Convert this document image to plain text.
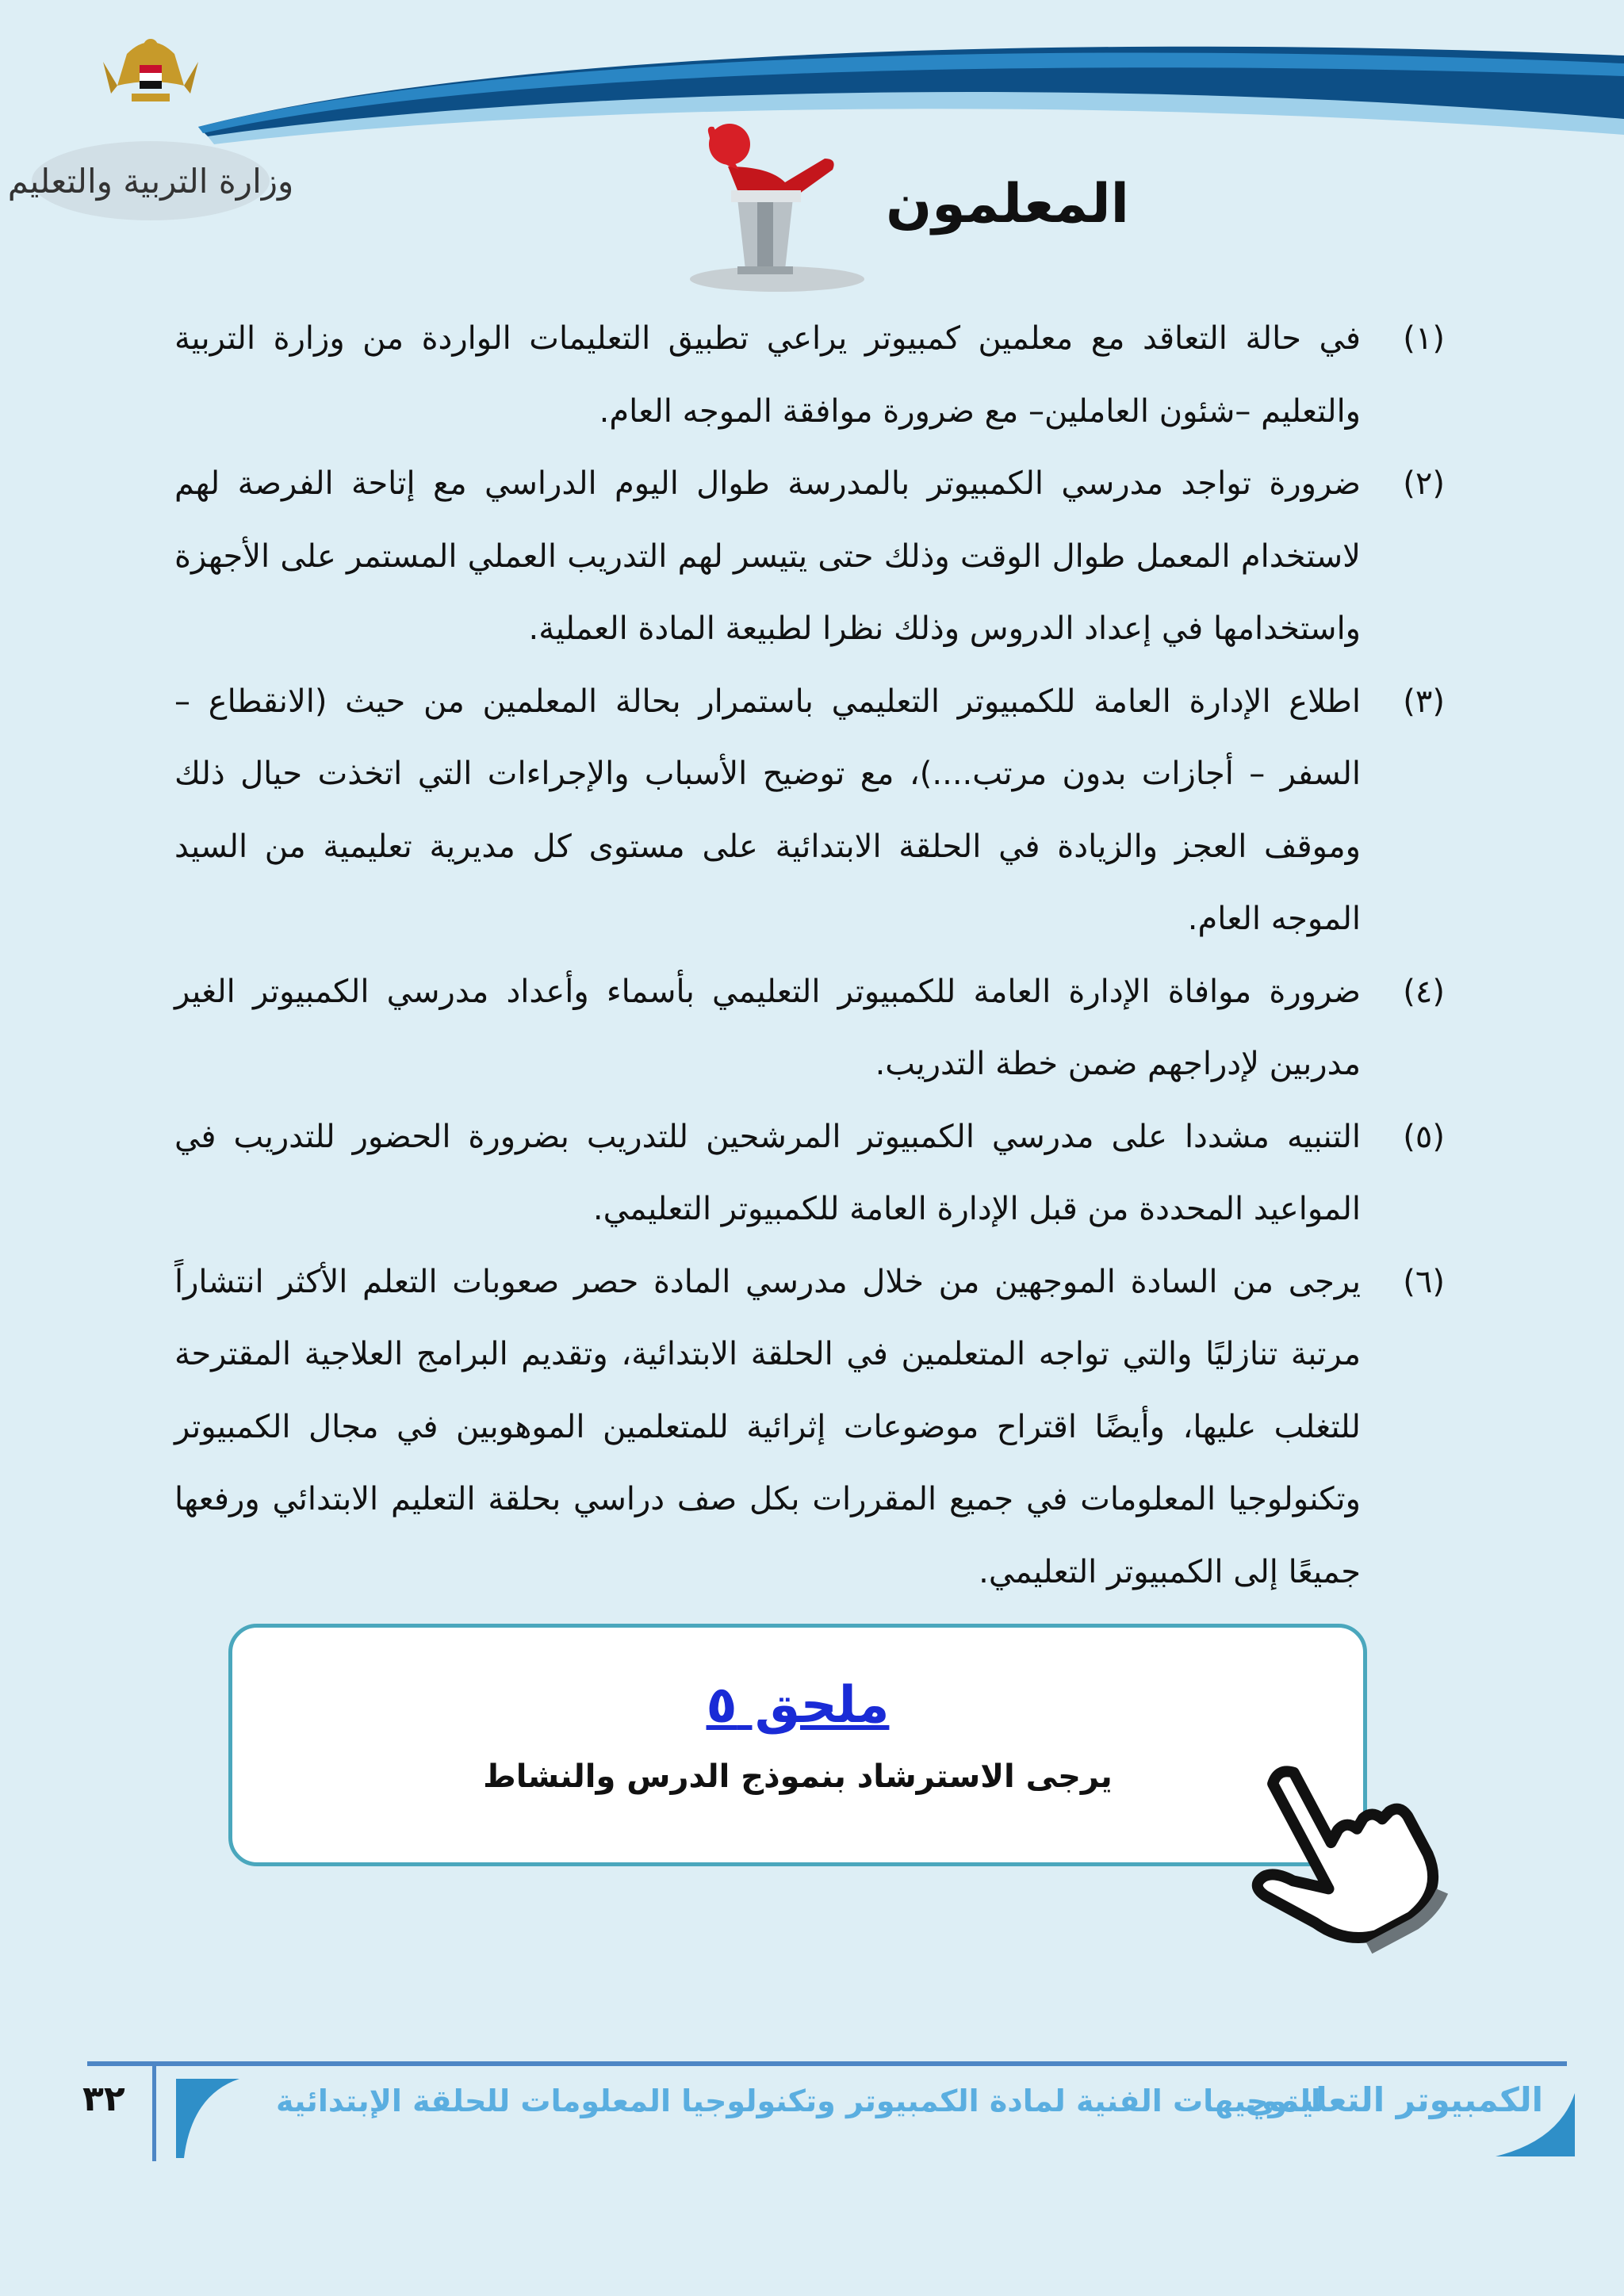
وزارة التربية والتعليم	المعلمون
(١)
في حالة التعاقد مع معلمين كمبيوتر يراعي تطبيق التعليمات الواردة من وزارة التربية والتعليم –شئون العاملين– مع ضرورة موافقة الموجه العام.
(٢)
ضرورة تواجد مدرسي الكمبيوتر بالمدرسة طوال اليوم الدراسي مع إتاحة الفرصة لهم لاستخدام المعمل طوال الوقت وذلك حتى يتيسر لهم التدريب العملي المستمر على الأجهزة واستخدامها في إعداد الدروس وذلك نظرا لطبيعة المادة العملية.
(٣)
اطلاع الإدارة العامة للكمبيوتر التعليمي باستمرار بحالة المعلمين من حيث (الانقطاع – السفر – أجازات بدون مرتب....)، مع توضيح الأسباب والإجراءات التي اتخذت حيال ذلك وموقف العجز والزيادة في الحلقة الابتدائية على مستوى كل مديرية تعليمية من السيد الموجه العام.
(٤)
ضرورة موافاة الإدارة العامة للكمبيوتر التعليمي بأسماء وأعداد مدرسي الكمبيوتر الغير مدربين لإدراجهم ضمن خطة التدريب.
(٥)
التنبيه مشددا على مدرسي الكمبيوتر المرشحين للتدريب بضرورة الحضور للتدريب في المواعيد المحددة من قبل الإدارة العامة للكمبيوتر التعليمي.
(٦)
يرجى من السادة الموجهين من خلال مدرسي المادة حصر صعوبات التعلم الأكثر انتشاراً مرتبة تنازليًا والتي تواجه المتعلمين في الحلقة الابتدائية، وتقديم البرامج العلاجية المقترحة للتغلب عليها، وأيضًا اقتراح موضوعات إثرائية للمتعلمين الموهوبين في مجال الكمبيوتر وتكنولوجيا المعلومات في جميع المقررات بكل صف دراسي بحلقة التعليم الابتدائي ورفعها جميعًا إلى الكمبيوتر التعليمي.
ملحق ٥
يرجى الاسترشاد بنموذج الدرس والنشاط
٣٢	التوجيهات الفنية لمادة الكمبيوتر وتكنولوجيا المعلومات للحلقة الإبتدائية
الكمبيوتر التعليمي
